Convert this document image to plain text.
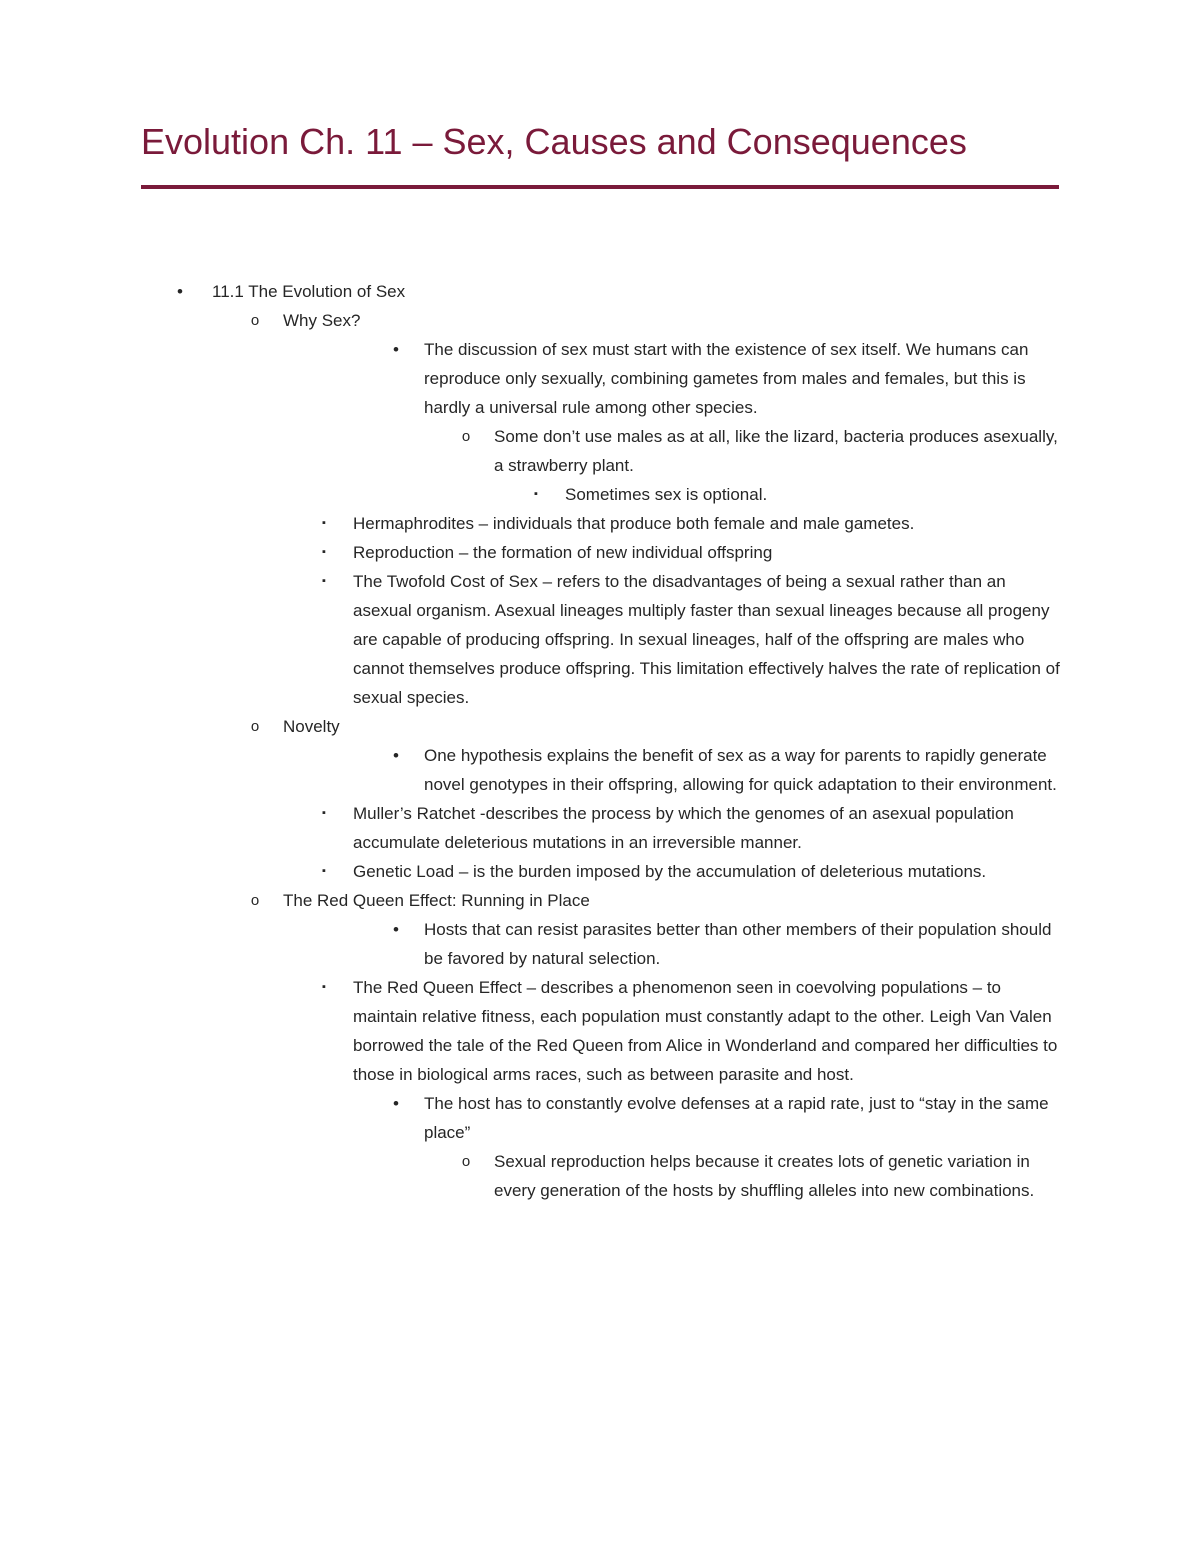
Evolution Ch. 11 – Sex, Causes and Consequences
•	11.1 The Evolution of Sex
o	Why Sex?
•	The discussion of sex must start with the existence of sex itself. We humans can reproduce only sexually, combining gametes from males and females, but this is hardly a universal rule among other species.
o	Some don’t use males as at all, like the lizard, bacteria produces asexually, a strawberry plant.
▪	Sometimes sex is optional.
▪	Hermaphrodites – individuals that produce both female and male gametes.
▪	Reproduction – the formation of new individual offspring
▪	The Twofold Cost of Sex – refers to the disadvantages of being a sexual rather than an asexual organism. Asexual lineages multiply faster than sexual lineages because all progeny are capable of producing offspring. In sexual lineages, half of the offspring are males who cannot themselves produce offspring. This limitation effectively halves the rate of replication of sexual species.
o	Novelty
•	One hypothesis explains the benefit of sex as a way for parents to rapidly generate novel genotypes in their offspring, allowing for quick adaptation to their environment.
▪	Muller’s Ratchet -describes the process by which the genomes of an asexual population accumulate deleterious mutations in an irreversible manner.
▪	Genetic Load – is the burden imposed by the accumulation of deleterious mutations.
o	The Red Queen Effect: Running in Place
•	Hosts that can resist parasites better than other members of their population should be favored by natural selection.
▪	The Red Queen Effect – describes a phenomenon seen in coevolving populations – to maintain relative fitness, each population must constantly adapt to the other. Leigh Van Valen borrowed the tale of the Red Queen from Alice in Wonderland and compared her difficulties to those in biological arms races, such as between parasite and host.
•	The host has to constantly evolve defenses at a rapid rate, just to “stay in the same place”
o	Sexual reproduction helps because it creates lots of genetic variation in every generation of the hosts by shuffling alleles into new combinations.
